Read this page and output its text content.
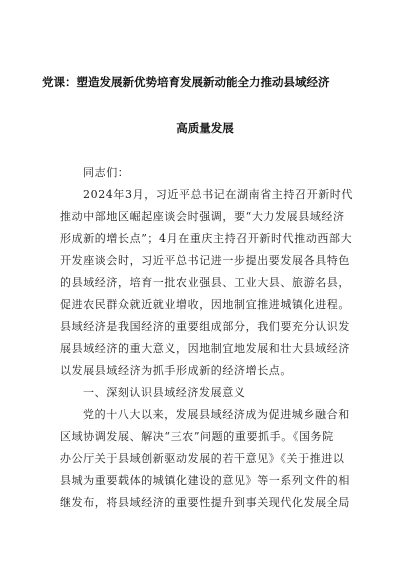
党课：塑造发展新优势培育发展新动能全力推动县域经济
高质量发展
同志们：
2024年3月，习近平总书记在湖南省主持召开新时代
推动中部地区崛起座谈会时强调，要“大力发展县域经济
形成新的增长点”；4月在重庆主持召开新时代推动西部大
开发座谈会时，习近平总书记进一步提出要发展各具特色
的县域经济，培育一批农业强县、工业大县、旅游名县，
促进农民群众就近就业增收，因地制宜推进城镇化进程。
县域经济是我国经济的重要组成部分，我们要充分认识发
展县域经济的重大意义，因地制宜地发展和壮大县域经济
以发展县域经济为抓手形成新的经济增长点。
一、深刻认识县域经济发展意义
党的十八大以来，发展县域经济成为促进城乡融合和
区域协调发展、解决“三农”问题的重要抓手。《国务院
办公厅关于县域创新驱动发展的若干意见》《关于推进以
县城为重要载体的城镇化建设的意见》等一系列文件的相
继发布，将县域经济的重要性提升到事关现代化发展全局
